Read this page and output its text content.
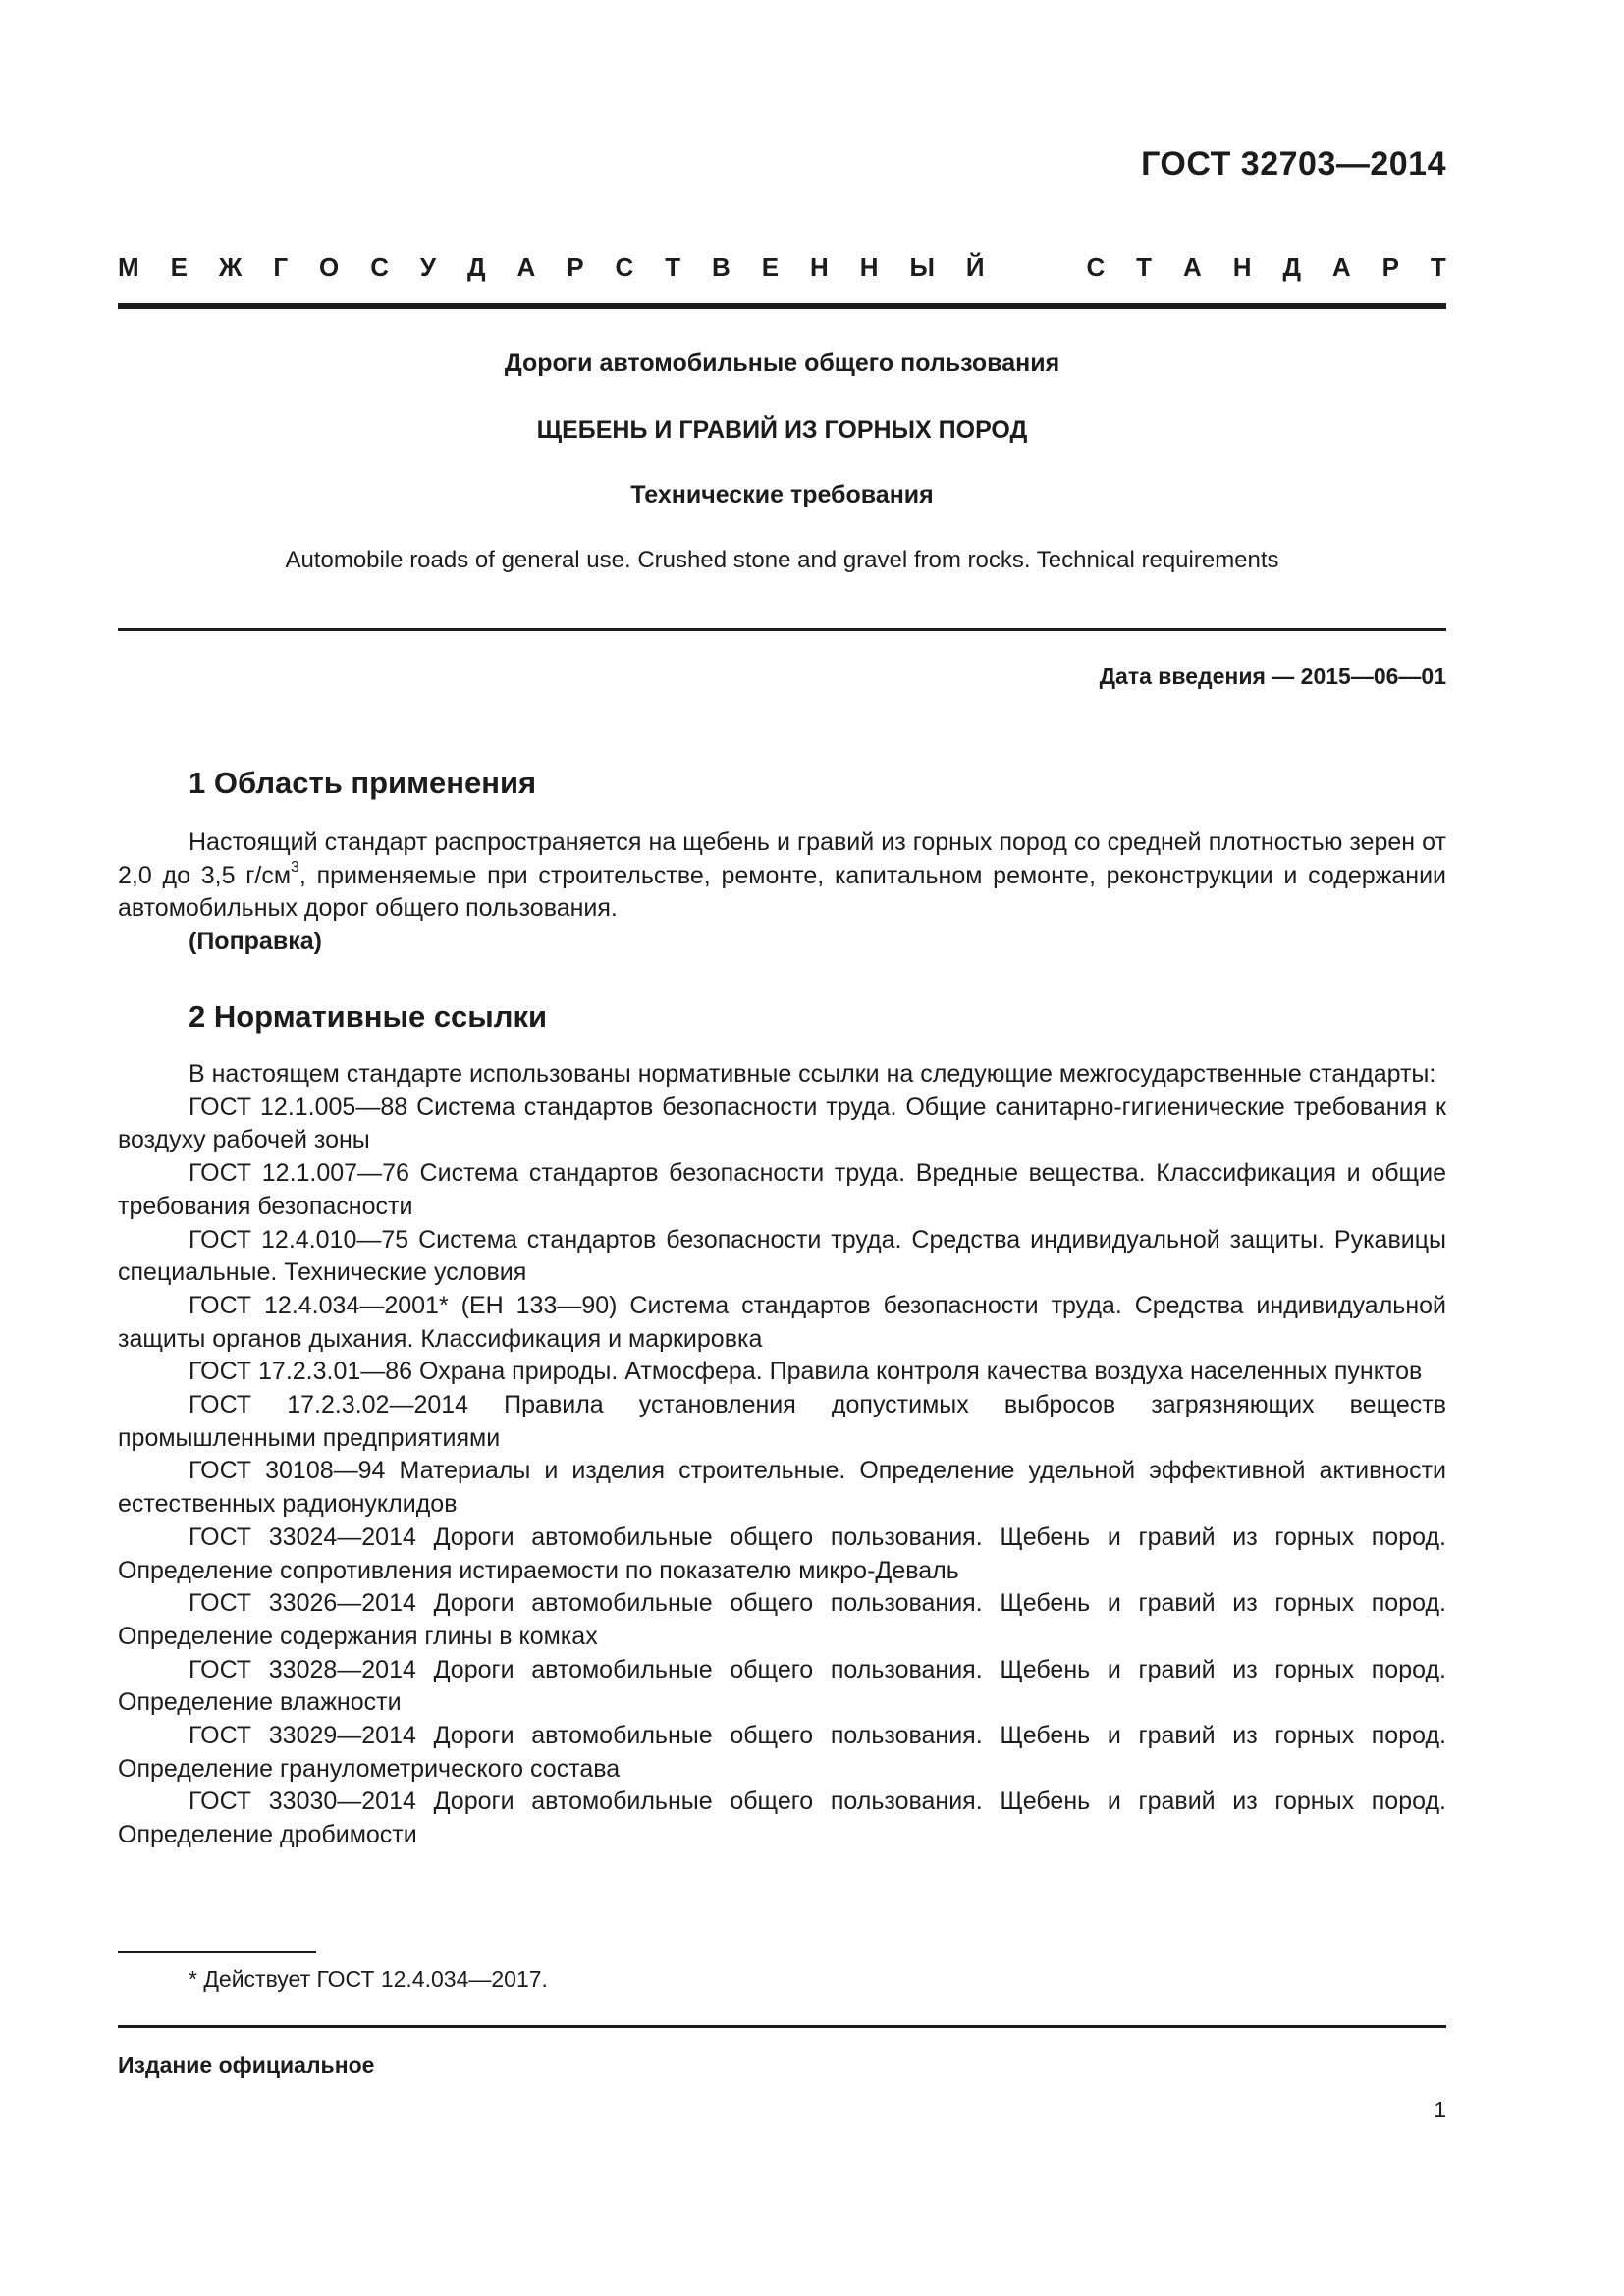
ГОСТ 32703—2014
М Е Ж Г О С У Д А Р С Т В Е Н Н Ы Й	С Т А Н Д А Р Т
Дороги автомобильные общего пользования
ЩЕБЕНЬ И ГРАВИЙ ИЗ ГОРНЫХ ПОРОД
Технические требования
Automobile roads of general use. Crushed stone and gravel from rocks. Technical requirements
Дата введения — 2015—06—01
1 Область применения

Настоящий стандарт распространяется на щебень и гравий из горных пород со средней плотностью зерен от 2,0 до 3,5 $г/см^3$, применяемые при строительстве, ремонте, капитальном ремонте, реконструкции и содержании автомобильных дорог общего пользования.

(Поправка)

2 Нормативные ссылки

В настоящем стандарте использованы нормативные ссылки на следующие межгосударственные стандарты:

ГОСТ 12.1.005—88 Система стандартов безопасности труда. Общие санитарно-гигиенические требования к воздуху рабочей зоны

ГОСТ 12.1.007—76 Система стандартов безопасности труда. Вредные вещества. Классификация и общие требования безопасности

ГОСТ 12.4.010—75 Система стандартов безопасности труда. Средства индивидуальной защиты. Рукавицы специальные. Технические условия

ГОСТ 12.4.034—2001* (ЕН 133—90) Система стандартов безопасности труда. Средства индивидуальной защиты органов дыхания. Классификация и маркировка

ГОСТ 17.2.3.01—86 Охрана природы. Атмосфера. Правила контроля качества воздуха населенных пунктов

ГОСТ 17.2.3.02—2014 Правила установления допустимых выбросов загрязняющих веществ промышленными предприятиями

ГОСТ 30108—94 Материалы и изделия строительные. Определение удельной эффективной активности естественных радионуклидов

ГОСТ 33024—2014 Дороги автомобильные общего пользования. Щебень и гравий из горных пород. Определение сопротивления истираемости по показателю микро-Деваль

ГОСТ 33026—2014 Дороги автомобильные общего пользования. Щебень и гравий из горных пород. Определение содержания глины в комках

ГОСТ 33028—2014 Дороги автомобильные общего пользования. Щебень и гравий из горных пород. Определение влажности

ГОСТ 33029—2014 Дороги автомобильные общего пользования. Щебень и гравий из горных пород. Определение гранулометрического состава

ГОСТ 33030—2014 Дороги автомобильные общего пользования. Щебень и гравий из горных пород. Определение дробимости

* Действует ГОСТ 12.4.034—2017.
Издание официальное
1
